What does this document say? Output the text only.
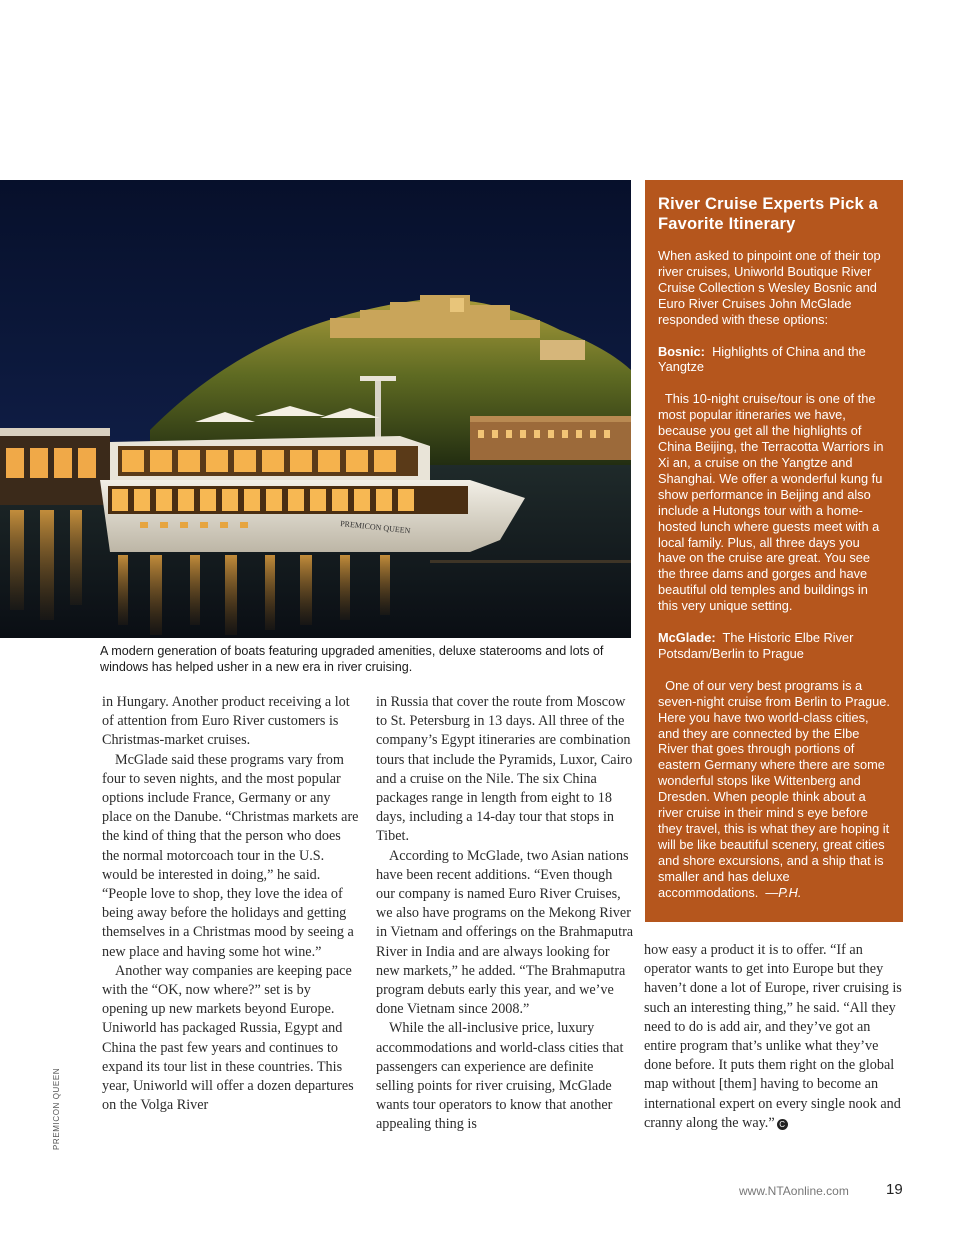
PREMICON QUEEN

A modern generation of boats featuring upgraded amenities, deluxe staterooms and lots of windows has helped usher in a new era in river cruising.

in Hungary. Another product receiving a lot of attention from Euro River customers is Christmas-market cruises.

McGlade said these programs vary from four to seven nights, and the most popular options include France, Germany or any place on the Danube. “Christmas markets are the kind of thing that the person who does the normal motorcoach tour in the U.S. would be interested in doing,” he said. “People love to shop, they love the idea of being away before the holidays and getting themselves in a Christmas mood by seeing a new place and having some hot wine.”

Another way companies are keeping pace with the “OK, now where?” set is by opening up new markets beyond Europe. Uniworld has packaged Russia, Egypt and China the past few years and continues to expand its tour list in these countries. This year, Uniworld will offer a dozen departures on the Volga River

in Russia that cover the route from Moscow to St. Petersburg in 13 days. All three of the company’s Egypt itineraries are combination tours that include the Pyramids, Luxor, Cairo and a cruise on the Nile. The six China packages range in length from eight to 18 days, including a 14-day tour that stops in Tibet.

According to McGlade, two Asian nations have been recent additions. “Even though our company is named Euro River Cruises, we also have programs on the Mekong River in Vietnam and offerings on the Brahmaputra River in India and are always looking for new markets,” he added. “The Brahmaputra program debuts early this year, and we’ve done Vietnam since 2008.”

While the all-inclusive price, luxury accommodations and world-class cities that passengers can experience are definite selling points for river cruising, McGlade wants tour operators to know that another appealing thing is

how easy a product it is to offer. “If an operator wants to get into Europe but they haven’t done a lot of Europe, river cruising is such an interesting thing,” he said. “All they need to do is add air, and they’ve got an entire program that’s unlike what they’ve done before. It puts them right on the global map without [them] having to become an international expert on every single nook and cranny along the way.” C

River Cruise Experts Pick a Favorite Itinerary

When asked to pinpoint one of their top river cruises, Uniworld Boutique River Cruise Collection s Wesley Bosnic and Euro River Cruises John McGlade responded with these options:

Bosnic: Highlights of China and the Yangtze

This 10-night cruise/tour is one of the most popular itineraries we have, because you get all the highlights of China Beijing, the Terracotta Warriors in Xi an, a cruise on the Yangtze and Shanghai. We offer a wonderful kung fu show performance in Beijing and also include a Hutongs tour with a home-hosted lunch where guests meet with a local family. Plus, all three days you have on the cruise are great. You see the three dams and gorges and have beautiful old temples and buildings in this very unique setting.

McGlade: The Historic Elbe River Potsdam/Berlin to Prague

One of our very best programs is a seven-night cruise from Berlin to Prague. Here you have two world-class cities, and they are connected by the Elbe River that goes through portions of eastern Germany where there are some wonderful stops like Wittenberg and Dresden. When people think about a river cruise in their mind s eye before they travel, this is what they are hoping it will be like beautiful scenery, great cities and shore excursions, and a ship that is smaller and has deluxe accommodations. —P.H.

PREMICON QUEEN
www.NTAonline.com 19
